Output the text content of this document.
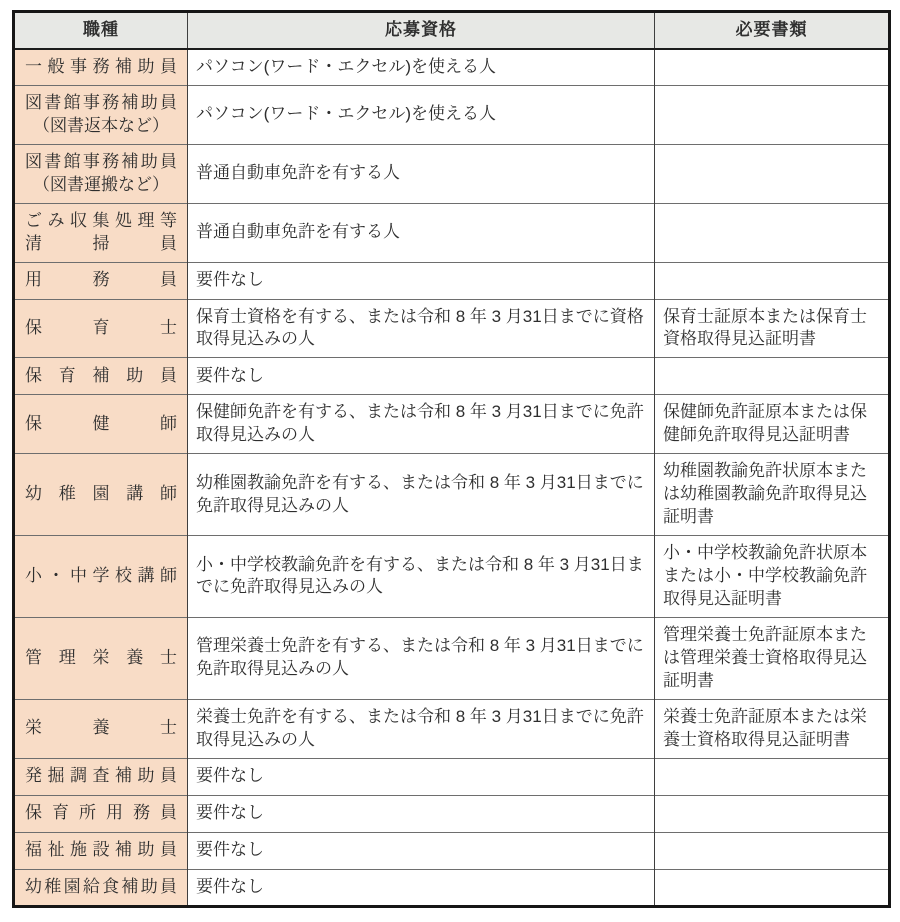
職種	応募資格	必要書類

一般事務補助員	パソコン(ワード・エクセル)を使える人	

図書館事務補助員
（図書返本など）	パソコン(ワード・エクセル)を使える人	

図書館事務補助員
（図書運搬など）	普通自動車免許を有する人	

ごみ収集処理等
清掃員	普通自動車免許を有する人	

用務員	要件なし	

保育士	保育士資格を有する、または令和 8 年 3 月31日までに資格取得見込みの人	保育士証原本または保育士資格取得見込証明書

保育補助員	要件なし	

保健師	保健師免許を有する、または令和 8 年 3 月31日までに免許取得見込みの人	保健師免許証原本または保健師免許取得見込証明書

幼稚園講師	幼稚園教諭免許を有する、または令和 8 年 3 月31日までに免許取得見込みの人	幼稚園教諭免許状原本または幼稚園教諭免許取得見込証明書

小・中学校講師	小・中学校教諭免許を有する、または令和 8 年 3 月31日までに免許取得見込みの人	小・中学校教諭免許状原本または小・中学校教諭免許取得見込証明書

管理栄養士	管理栄養士免許を有する、または令和 8 年 3 月31日までに免許取得見込みの人	管理栄養士免許証原本または管理栄養士資格取得見込証明書

栄養士	栄養士免許を有する、または令和 8 年 3 月31日までに免許取得見込みの人	栄養士免許証原本または栄養士資格取得見込証明書

発掘調査補助員	要件なし	

保育所用務員	要件なし	

福祉施設補助員	要件なし	

幼稚園給食補助員	要件なし	
